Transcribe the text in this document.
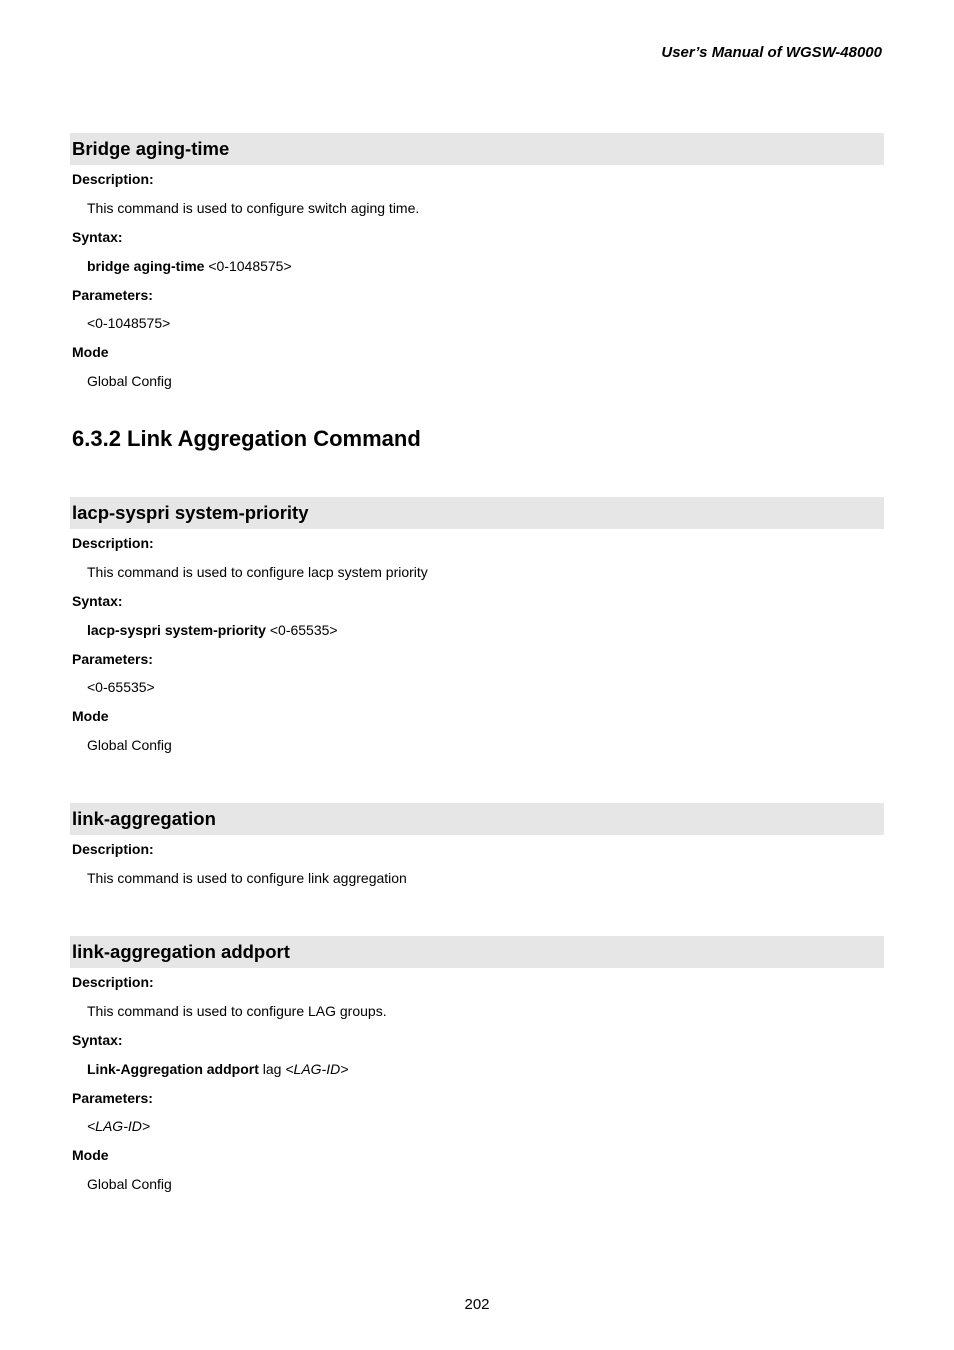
User’s Manual of WGSW-48000
Bridge aging-time
Description:
This command is used to configure switch aging time.
Syntax:
bridge aging-time <0-1048575>
Parameters:
<0-1048575>
Mode
Global Config
6.3.2 Link Aggregation Command
lacp-syspri system-priority
Description:
This command is used to configure lacp system priority
Syntax:
lacp-syspri system-priority <0-65535>
Parameters:
<0-65535>
Mode
Global Config
link-aggregation
Description:
This command is used to configure link aggregation
link-aggregation addport
Description:
This command is used to configure LAG groups.
Syntax:
Link-Aggregation addport lag <LAG-ID>
Parameters:
<LAG-ID>
Mode
Global Config
202
